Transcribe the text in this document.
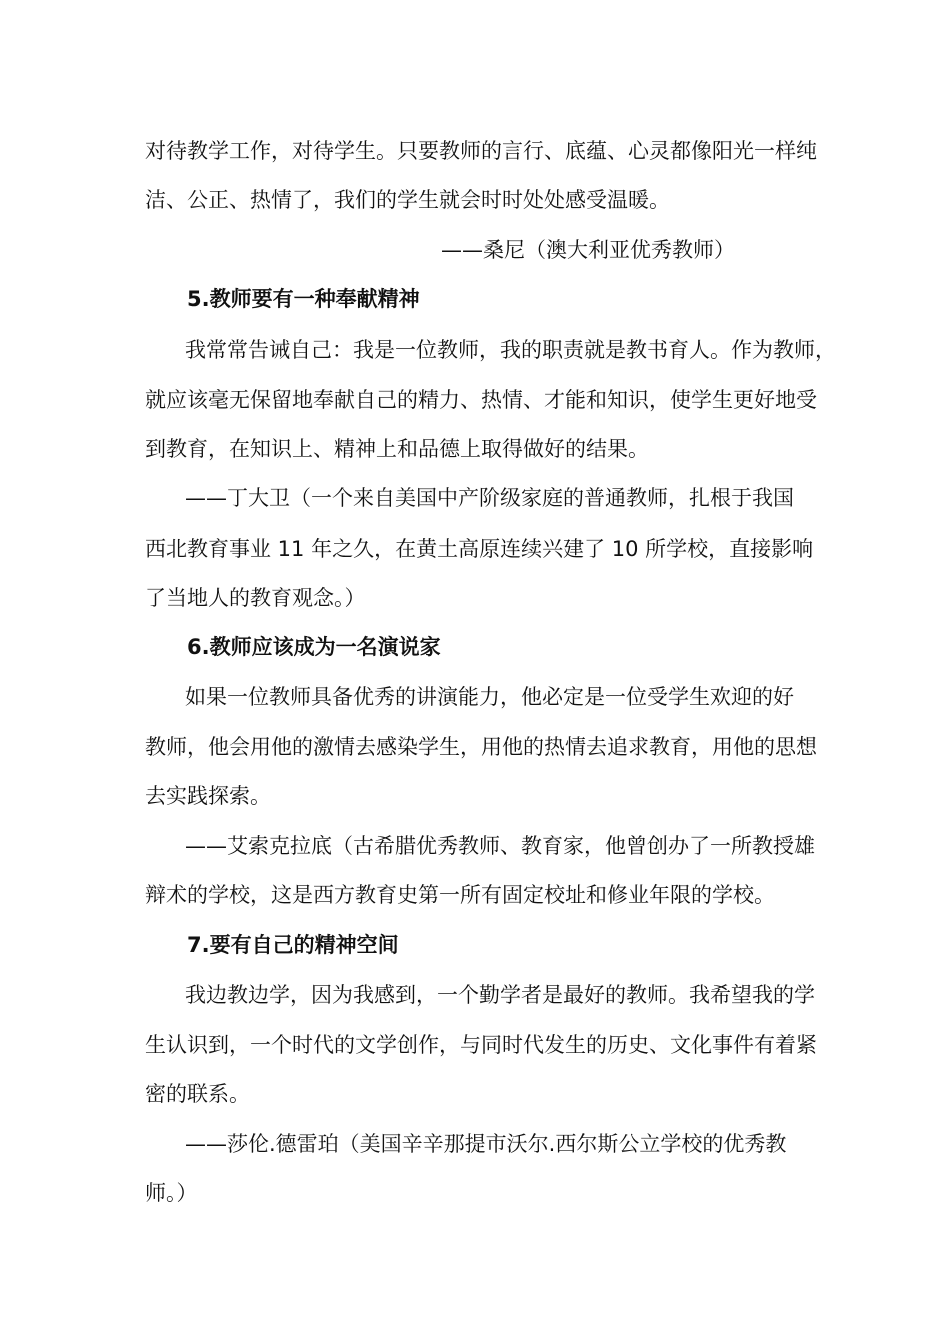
对待教学工作，对待学生。只要教师的言行、底蕴、心灵都像阳光一样纯
洁、公正、热情了，我们的学生就会时时处处感受温暖。
——桑尼（澳大利亚优秀教师）
5.教师要有一种奉献精神
我常常告诫自己：我是一位教师，我的职责就是教书育人。作为教师，
就应该毫无保留地奉献自己的精力、热情、才能和知识，使学生更好地受
到教育，在知识上、精神上和品德上取得做好的结果。
——丁大卫（一个来自美国中产阶级家庭的普通教师，扎根于我国
西北教育事业 11 年之久，在黄土高原连续兴建了 10 所学校，直接影响
了当地人的教育观念。）
6.教师应该成为一名演说家
如果一位教师具备优秀的讲演能力，他必定是一位受学生欢迎的好
教师，他会用他的激情去感染学生，用他的热情去追求教育，用他的思想
去实践探索。
——艾索克拉底（古希腊优秀教师、教育家，他曾创办了一所教授雄
辩术的学校，这是西方教育史第一所有固定校址和修业年限的学校。
7.要有自己的精神空间
我边教边学，因为我感到，一个勤学者是最好的教师。我希望我的学
生认识到，一个时代的文学创作，与同时代发生的历史、文化事件有着紧
密的联系。
——莎伦.德雷珀（美国辛辛那提市沃尔.西尔斯公立学校的优秀教
师。）
